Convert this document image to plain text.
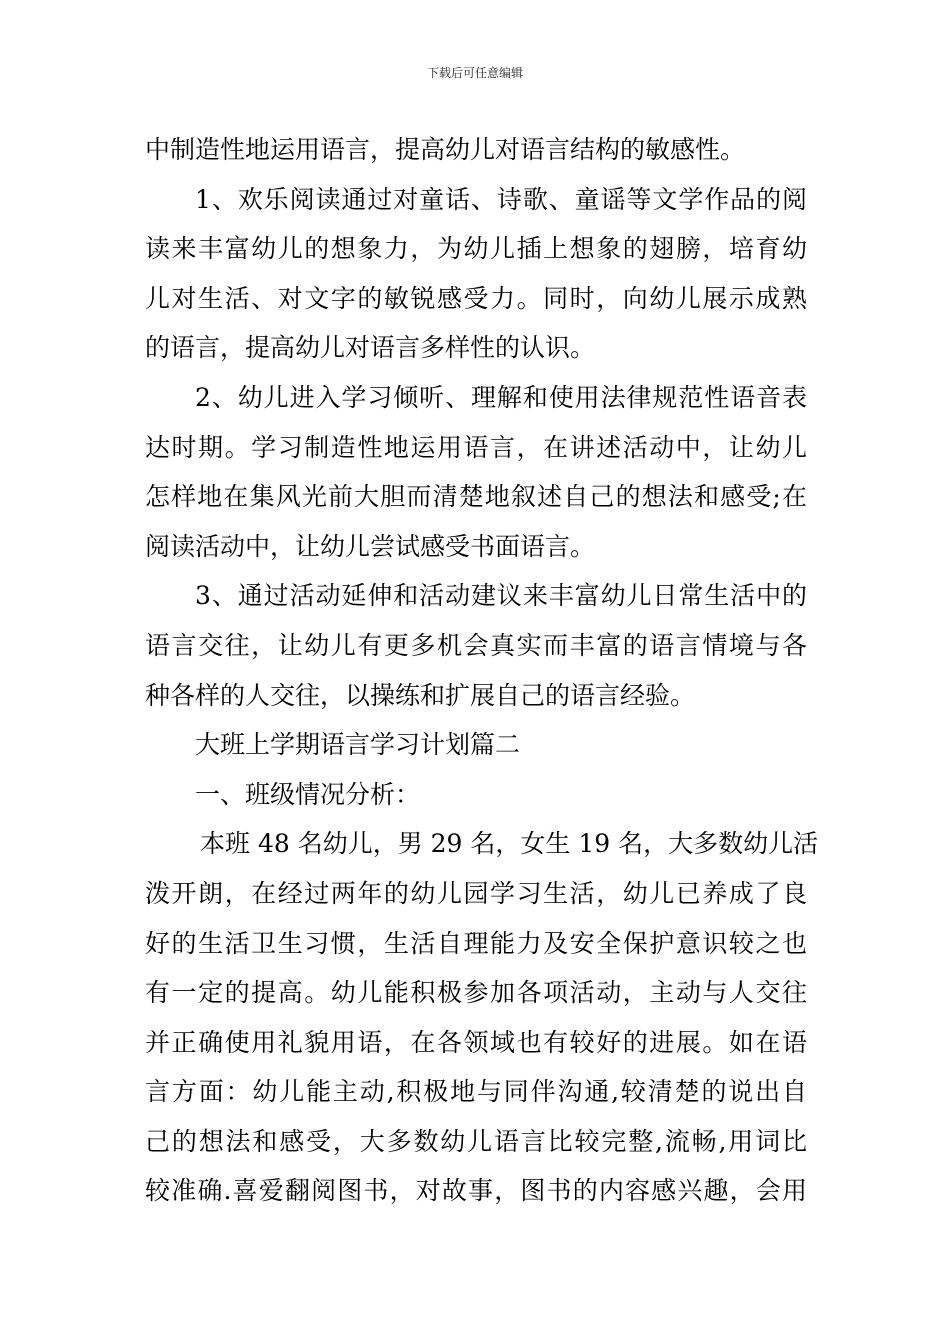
下载后可任意编辑
中制造性地运用语言，提高幼儿对语言结构的敏感性。
1、欢乐阅读通过对童话、诗歌、童谣等文学作品的阅
读来丰富幼儿的想象力，为幼儿插上想象的翅膀，培育幼
儿对生活、对文字的敏锐感受力。同时，向幼儿展示成熟
的语言，提高幼儿对语言多样性的认识。
2、幼儿进入学习倾听、理解和使用法律规范性语音表
达时期。学习制造性地运用语言，在讲述活动中，让幼儿
怎样地在集风光前大胆而清楚地叙述自己的想法和感受;在
阅读活动中，让幼儿尝试感受书面语言。
3、通过活动延伸和活动建议来丰富幼儿日常生活中的
语言交往，让幼儿有更多机会真实而丰富的语言情境与各
种各样的人交往，以操练和扩展自己的语言经验。
大班上学期语言学习计划篇二
一、班级情况分析：
本班 48 名幼儿，男 29 名，女生 19 名，大多数幼儿活
泼开朗，在经过两年的幼儿园学习生活，幼儿已养成了良
好的生活卫生习惯，生活自理能力及安全保护意识较之也
有一定的提高。幼儿能积极参加各项活动，主动与人交往
并正确使用礼貌用语，在各领域也有较好的进展。如在语
言方面：幼儿能主动,积极地与同伴沟通,较清楚的说出自
己的想法和感受，大多数幼儿语言比较完整,流畅,用词比
较准确.喜爱翻阅图书，对故事，图书的内容感兴趣，会用
